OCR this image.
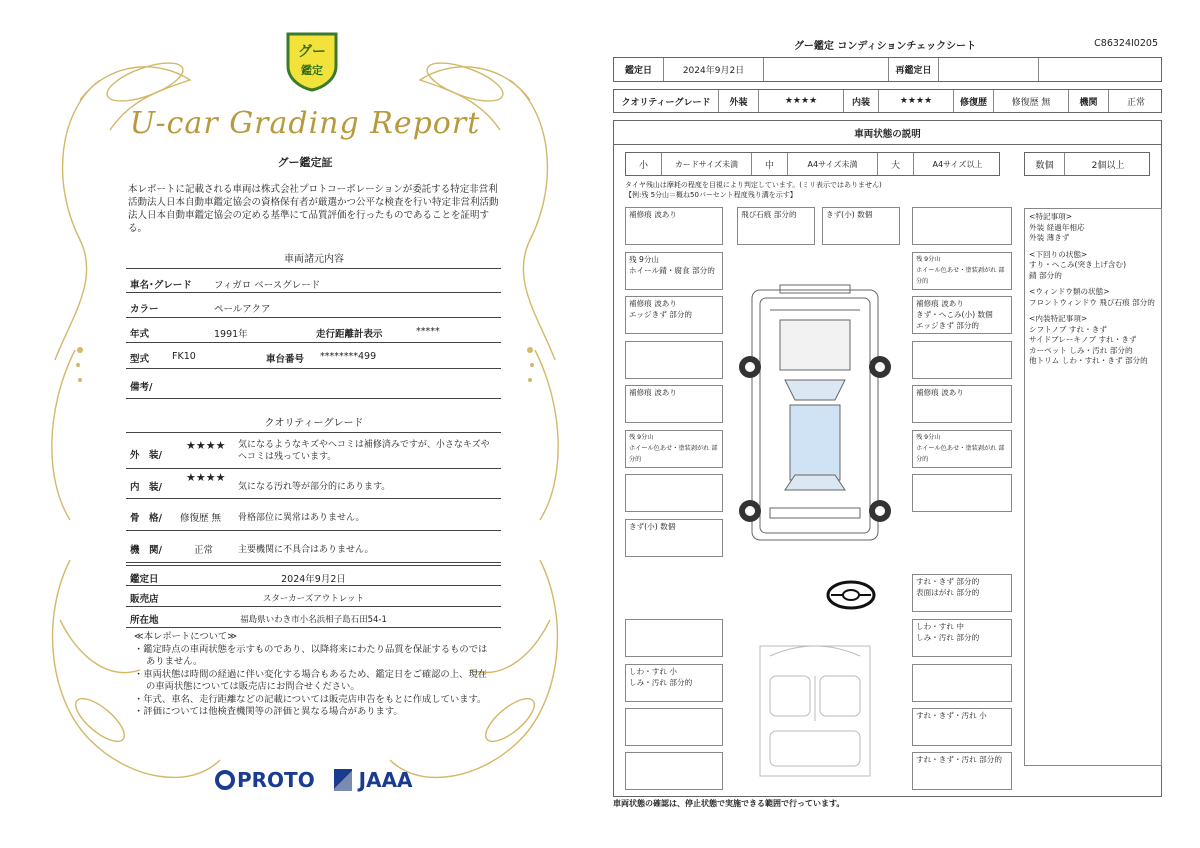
グー
鑑定
U-car Grading Report
グー鑑定証
本レポートに記載される車両は株式会社プロトコーポレーションが委託する特定非営利活動法人日本自動車鑑定協会の資格保有者が厳選かつ公平な検査を行い特定非営利活動法人日本自動車鑑定協会の定める基準にて品質評価を行ったものであることを証明する。
車両諸元内容
車名･グレード フィガロ ベースグレード
カラー	ペールアクア
年式	1991年	走行距離計表示	*****
型式 FK10	車台番号 ********499
備考/
クオリティーグレード
外　装/
★★★★ 気になるようなキズやヘコミは補修済みですが、小さなキズやヘコミは残っています。
内　装/
★★★★
気になる汚れ等が部分的にあります。
骨　格/ 修復歴 無 骨格部位に異常はありません。
機　関/	正常	主要機関に不具合はありません。
鑑定日	2024年9月2日
販売店	スターカーズアウトレット
所在地	福島県いわき市小名浜相子島石田54-1
≪本レポートについて≫
・鑑定時点の車両状態を示すものであり、以降将来にわたり品質を保証するものではありません。
・車両状態は時間の経過に伴い変化する場合もあるため、鑑定日をご確認の上、現在の車両状態については販売店にお問合せください。
・年式、車名、走行距離などの記載については販売店申告をもとに作成しています。
・評価については他検査機関等の評価と異なる場合があります。
PROTO JAAA
グー鑑定 コンディションチェックシート	C86324I0205
鑑定日	2024年9月2日	再鑑定日
クオリティーグレード	外装	★★★★	内装	★★★★	修復歴	修復歴 無	機関	正常
車両状態の説明
小	カードサイズ未満	中	A4サイズ未満	大	A4サイズ以上	数個	2個以上
タイヤ残山は摩耗の程度を目視により判定しています。(ミリ表示ではありません)
【例:残 5分山＝概ね50パーセント程度残り溝を示す】
補修痕 波あり
残 9分山
ホイール錆・腐食 部分的
補修痕 波あり
エッジきず 部分的
補修痕 波あり
残 9分山
ホイール色あせ・塗装剥がれ 部分的
きず(小) 数個
飛び石痕 部分的	きず(小) 数個
残 9分山
ホイール色あせ・塗装剥がれ 部分的
補修痕 波あり
きず・へこみ(小) 数個
エッジきず 部分的
補修痕 波あり
残 9分山
ホイール色あせ・塗装剥がれ 部分的
すれ・きず 部分的
表面はがれ 部分的
しわ・すれ 小
しみ・汚れ 部分的
しわ・すれ 中
しみ・汚れ 部分的
すれ・きず・汚れ 小
すれ・きず・汚れ 部分的
<特記事項>
外装 経過年相応
外装 薄きず
<下回りの状態>
すり・へこみ(突き上げ含む)
錆 部分的
<ウィンドウ類の状態>
フロントウィンドウ 飛び石痕 部分的
<内装特記事項>
シフトノブ すれ・きず
サイドブレーキノブ すれ・きず
カーペット しみ・汚れ 部分的
他トリム しわ・すれ・きず 部分的
車両状態の確認は、停止状態で実施できる範囲で行っています。
